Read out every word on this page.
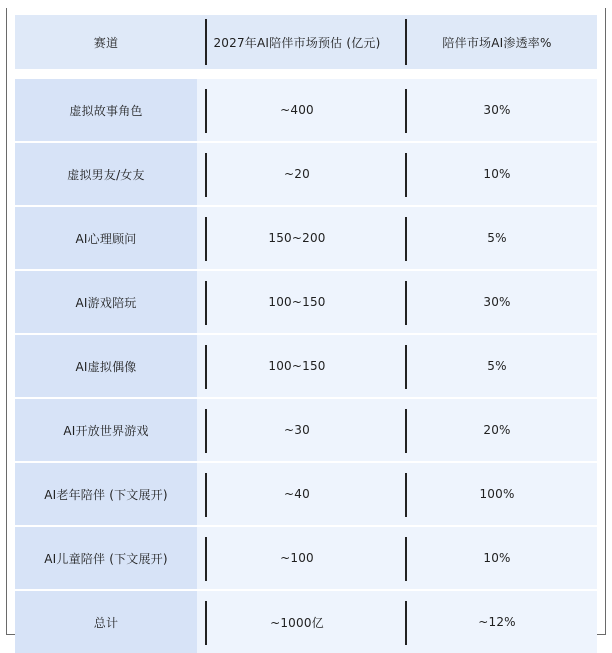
赛道	2027年AI陪伴市场预估 (亿元)	陪伴市场AI渗透率%
虚拟故事角色	~400	30%
虚拟男友/女友	~20	10%
AI心理顾问	150~200	5%
AI游戏陪玩	100~150	30%
AI虚拟偶像	100~150	5%
AI开放世界游戏	~30	20%
AI老年陪伴 (下文展开)	~40	100%
AI儿童陪伴 (下文展开)	~100	10%
总计	~1000亿	~12%
